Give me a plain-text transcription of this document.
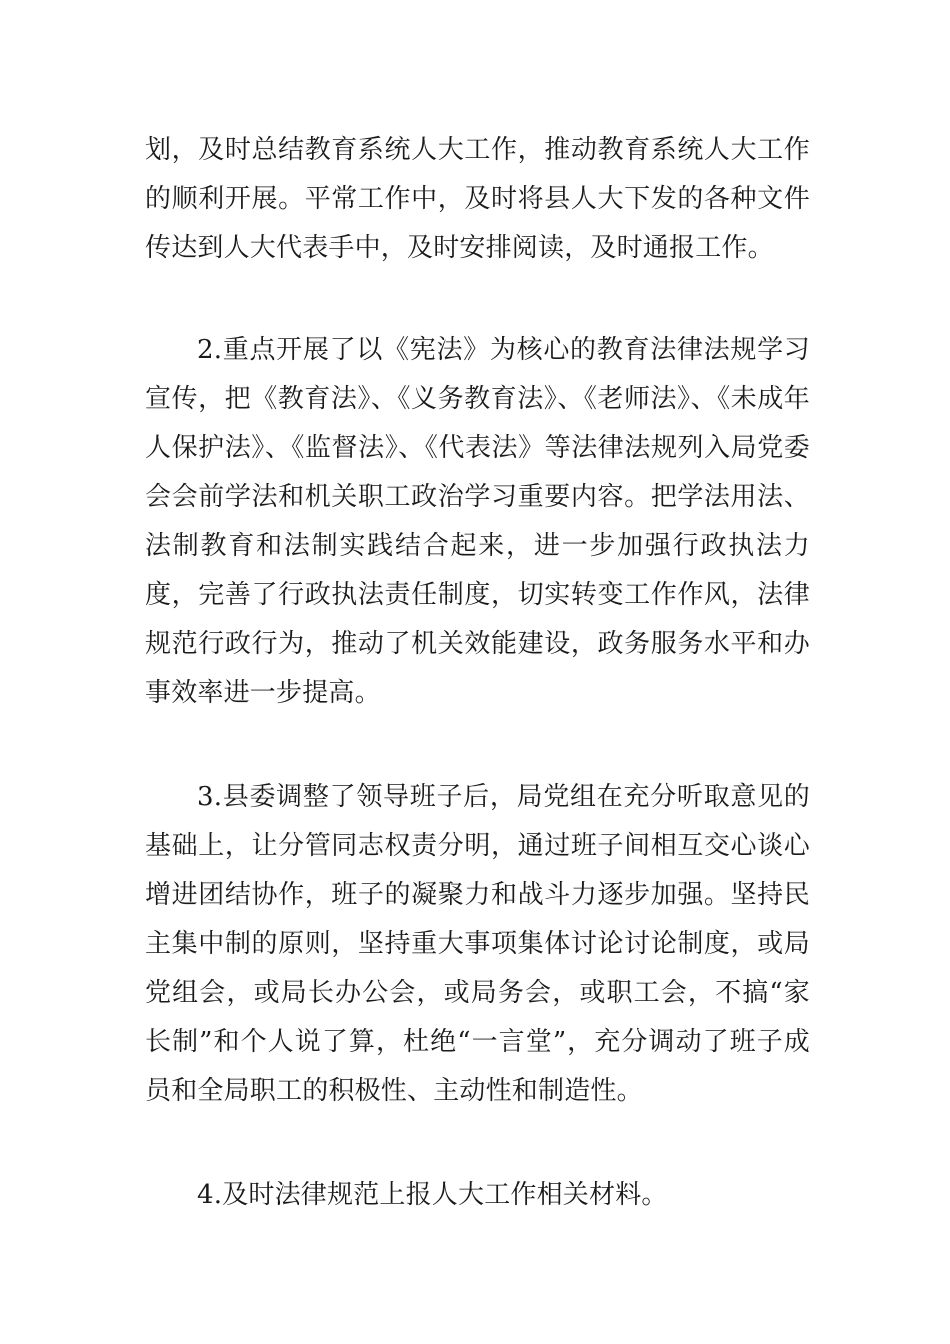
划，及时总结教育系统人大工作，推动教育系统人大工作的顺利开展。平常工作中，及时将县人大下发的各种文件传达到人大代表手中，及时安排阅读，及时通报工作。

2.重点开展了以《宪法》为核心的教育法律法规学习宣传，把《教育法》、《义务教育法》、《老师法》、《未成年人保护法》、《监督法》、《代表法》等法律法规列入局党委会会前学法和机关职工政治学习重要内容。把学法用法、法制教育和法制实践结合起来，进一步加强行政执法力度，完善了行政执法责任制度，切实转变工作作风，法律规范行政行为，推动了机关效能建设，政务服务水平和办事效率进一步提高。

3.县委调整了领导班子后，局党组在充分听取意见的基础上，让分管同志权责分明，通过班子间相互交心谈心增进团结协作，班子的凝聚力和战斗力逐步加强。坚持民主集中制的原则，坚持重大事项集体讨论讨论制度，或局党组会，或局长办公会，或局务会，或职工会，不搞“家长制”和个人说了算，杜绝“一言堂”，充分调动了班子成员和全局职工的积极性、主动性和制造性。

4.及时法律规范上报人大工作相关材料。
